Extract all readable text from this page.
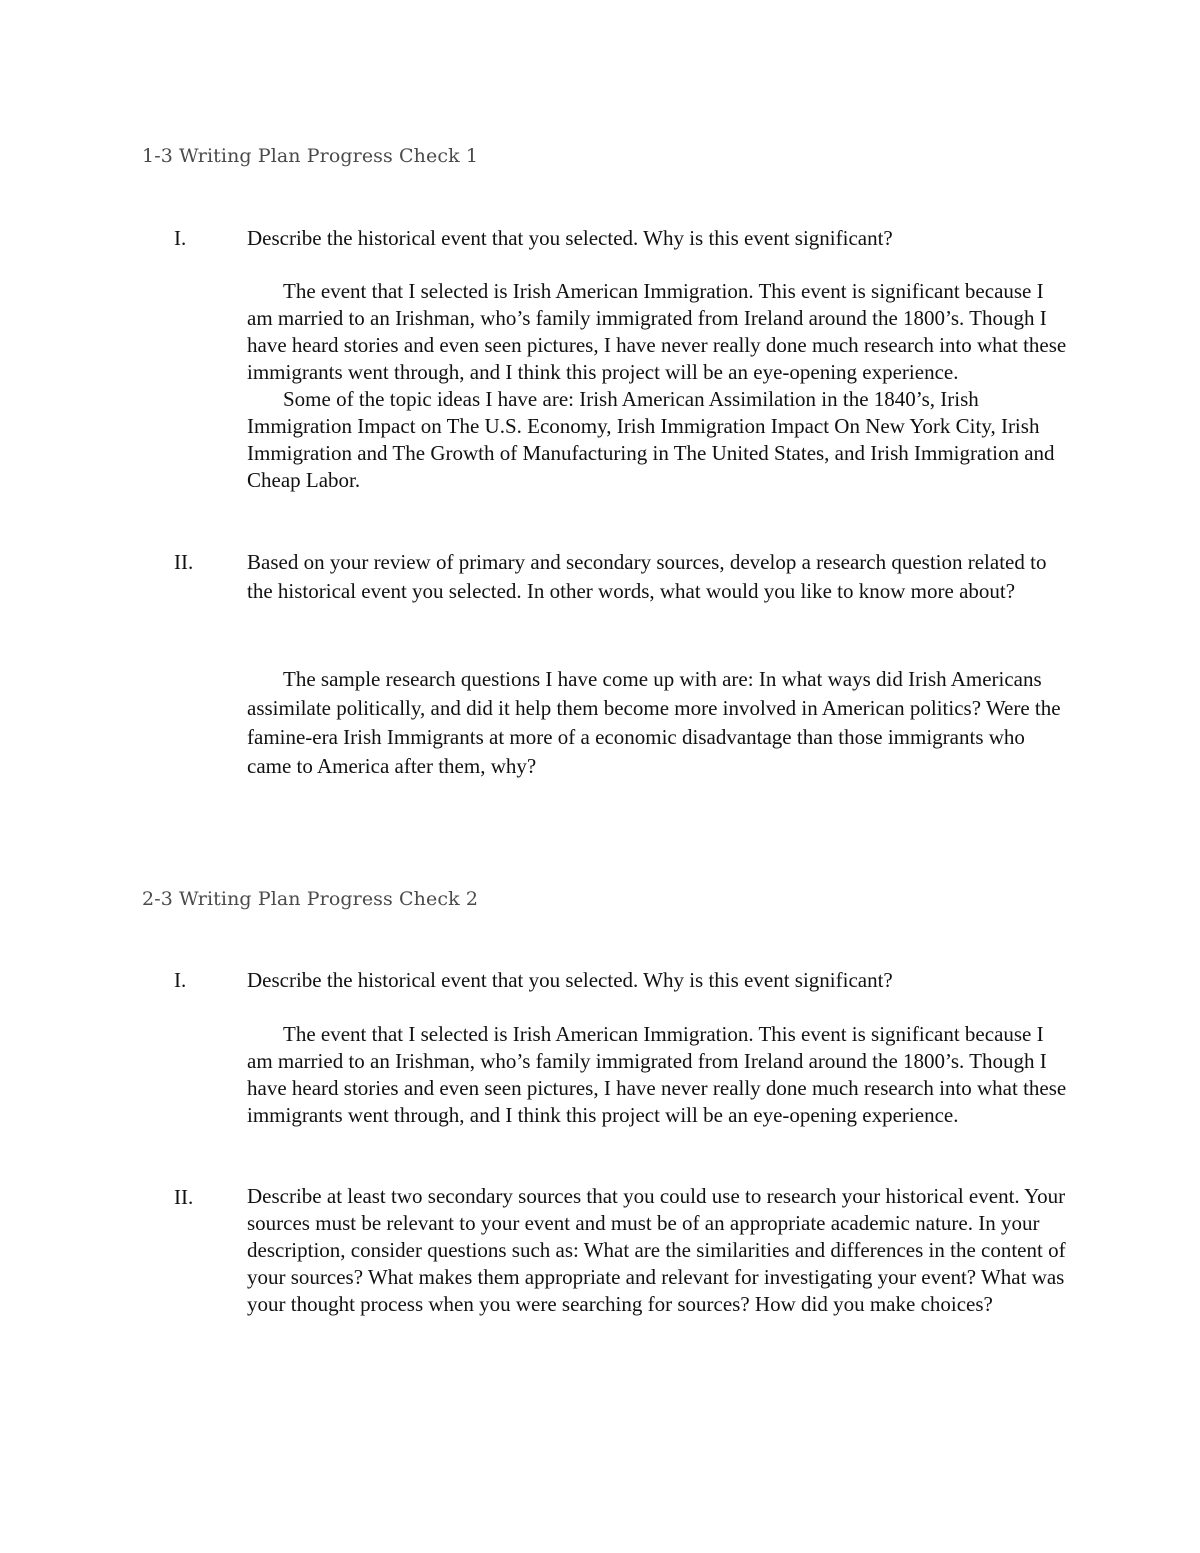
1-3 Writing Plan Progress Check 1
I.	Describe the historical event that you selected. Why is this event significant?

The event that I selected is Irish American Immigration. This event is significant because I am married to an Irishman, who’s family immigrated from Ireland around the 1800’s. Though I have heard stories and even seen pictures, I have never really done much research into what these immigrants went through, and I think this project will be an eye-opening experience.

Some of the topic ideas I have are: Irish American Assimilation in the 1840’s, Irish Immigration Impact on The U.S. Economy, Irish Immigration Impact On New York City, Irish Immigration and The Growth of Manufacturing in The United States, and Irish Immigration and Cheap Labor.

II.	Based on your review of primary and secondary sources, develop a research question related to the historical event you selected. In other words, what would you like to know more about?

The sample research questions I have come up with are: In what ways did Irish Americans assimilate politically, and did it help them become more involved in American politics? Were the famine-era Irish Immigrants at more of a economic disadvantage than those immigrants who came to America after them, why?

2-3 Writing Plan Progress Check 2
I.	Describe the historical event that you selected. Why is this event significant?

The event that I selected is Irish American Immigration. This event is significant because I am married to an Irishman, who’s family immigrated from Ireland around the 1800’s. Though I have heard stories and even seen pictures, I have never really done much research into what these immigrants went through, and I think this project will be an eye-opening experience.

II.	Describe at least two secondary sources that you could use to research your historical event. Your sources must be relevant to your event and must be of an appropriate academic nature. In your description, consider questions such as: What are the similarities and differences in the content of your sources? What makes them appropriate and relevant for investigating your event? What was your thought process when you were searching for sources? How did you make choices?
